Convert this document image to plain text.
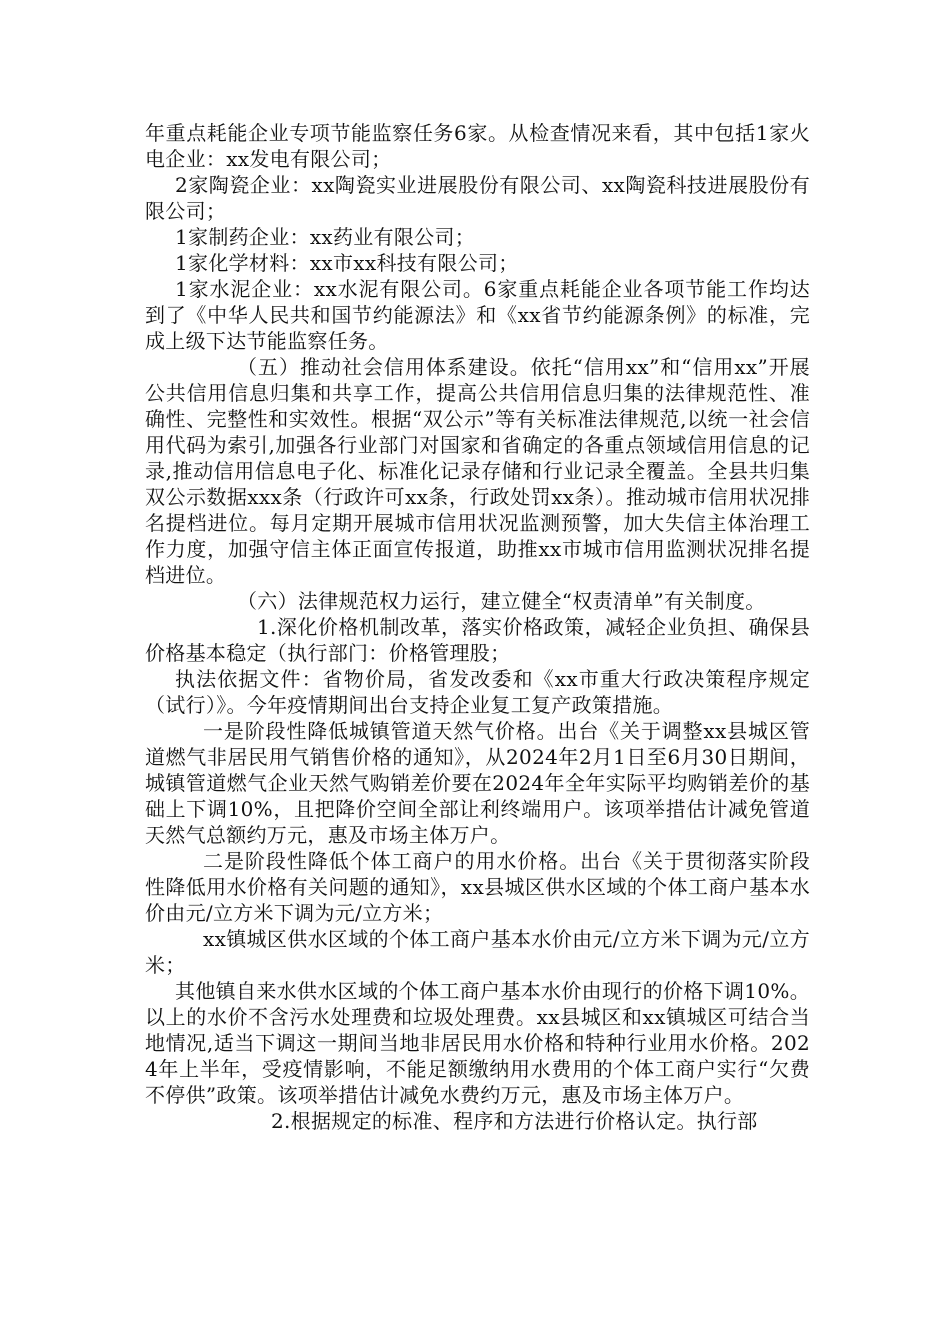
年重点耗能企业专项节能监察任务6家。从检查情况来看，其中包括1家火电企业：xx发电有限公司；

2家陶瓷企业：xx陶瓷实业进展股份有限公司、xx陶瓷科技进展股份有限公司；

1家制药企业：xx药业有限公司；

1家化学材料：xx市xx科技有限公司；

1家水泥企业：xx水泥有限公司。6家重点耗能企业各项节能工作均达到了《中华人民共和国节约能源法》和《xx省节约能源条例》的标准，完成上级下达节能监察任务。

（五）推动社会信用体系建设。依托“信用xx”和“信用xx”开展公共信用信息归集和共享工作，提高公共信用信息归集的法律规范性、准确性、完整性和实效性。根据“双公示”等有关标准法律规范,以统一社会信用代码为索引,加强各行业部门对国家和省确定的各重点领域信用信息的记录,推动信用信息电子化、标准化记录存储和行业记录全覆盖。全县共归集双公示数据xxx条（行政许可xx条，行政处罚xx条）。推动城市信用状况排名提档进位。每月定期开展城市信用状况监测预警，加大失信主体治理工作力度，加强守信主体正面宣传报道，助推xx市城市信用监测状况排名提档进位。

（六）法律规范权力运行，建立健全“权责清单”有关制度。

1.深化价格机制改革，落实价格政策，减轻企业负担、确保县价格基本稳定（执行部门：价格管理股；

执法依据文件：省物价局，省发改委和《xx市重大行政决策程序规定（试行）》。今年疫情期间出台支持企业复工复产政策措施。

一是阶段性降低城镇管道天然气价格。出台《关于调整xx县城区管道燃气非居民用气销售价格的通知》，从2024年2月1日至6月30日期间，城镇管道燃气企业天然气购销差价要在2024年全年实际平均购销差价的基础上下调10%，且把降价空间全部让利终端用户。该项举措估计减免管道天然气总额约万元，惠及市场主体万户。

二是阶段性降低个体工商户的用水价格。出台《关于贯彻落实阶段性降低用水价格有关问题的通知》，xx县城区供水区域的个体工商户基本水价由元/立方米下调为元/立方米；

xx镇城区供水区域的个体工商户基本水价由元/立方米下调为元/立方米；

其他镇自来水供水区域的个体工商户基本水价由现行的价格下调10%。以上的水价不含污水处理费和垃圾处理费。xx县城区和xx镇城区可结合当地情况,适当下调这一期间当地非居民用水价格和特种行业用水价格。2024年上半年，受疫情影响，不能足额缴纳用水费用的个体工商户实行“欠费不停供”政策。该项举措估计减免水费约万元，惠及市场主体万户。

2.根据规定的标准、程序和方法进行价格认定。执行部
